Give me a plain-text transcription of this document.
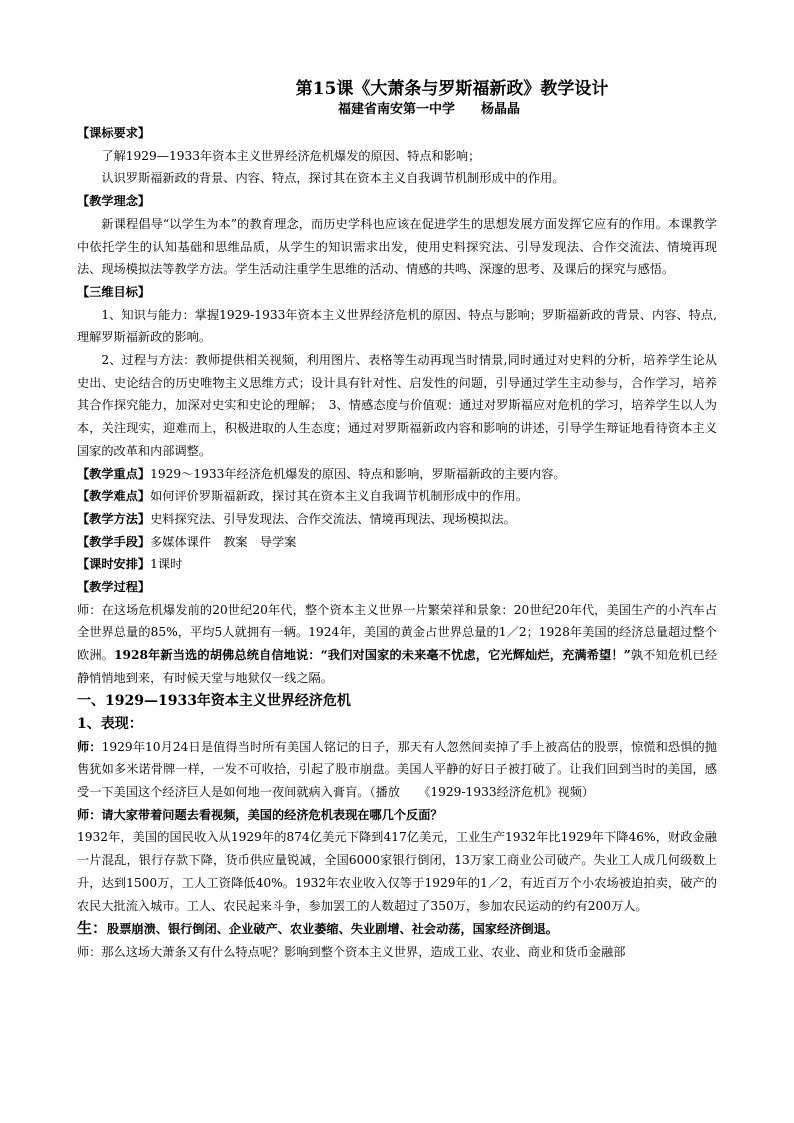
第15课《大萧条与罗斯福新政》教学设计
福建省南安第一中学　　杨晶晶

【课标要求】

了解1929—1933年资本主义世界经济危机爆发的原因、特点和影响；

认识罗斯福新政的背景、内容、特点，探讨其在资本主义自我调节机制形成中的作用。

【教学理念】

新课程倡导“以学生为本”的教育理念，而历史学科也应该在促进学生的思想发展方面发挥它应有的作用。本课教学中依托学生的认知基础和思维品质，从学生的知识需求出发，使用史料探究法、引导发现法、合作交流法、情境再现法、现场模拟法等教学方法。学生活动注重学生思维的活动、情感的共鸣、深邃的思考、及课后的探究与感悟。

【三维目标】

1、知识与能力：掌握1929-1933年资本主义世界经济危机的原因、特点与影响；罗斯福新政的背景、内容、特点,理解罗斯福新政的影响。

2、过程与方法：教师提供相关视频，利用图片、表格等生动再现当时情景,同时通过对史料的分析，培养学生论从史出、史论结合的历史唯物主义思维方式；设计具有针对性、启发性的问题，引导通过学生主动参与，合作学习，培养其合作探究能力，加深对史实和史论的理解；　3、情感态度与价值观：通过对罗斯福应对危机的学习，培养学生以人为本，关注现实，迎难而上，积极进取的人生态度；通过对罗斯福新政内容和影响的讲述，引导学生辩证地看待资本主义国家的改革和内部调整。

【教学重点】1929～1933年经济危机爆发的原因、特点和影响，罗斯福新政的主要内容。

【教学难点】如何评价罗斯福新政，探讨其在资本主义自我调节机制形成中的作用。

【教学方法】史料探究法、引导发现法、合作交流法、情境再现法、现场模拟法。

【教学手段】多媒体课件　教案　导学案

【课时安排】1课时

【教学过程】

师：在这场危机爆发前的20世纪20年代，整个资本主义世界一片繁荣祥和景象：20世纪20年代，美国生产的小汽车占全世界总量的85%，平均5人就拥有一辆。1924年，美国的黄金占世界总量的1／2；1928年美国的经济总量超过整个欧洲。1928年新当选的胡佛总统自信地说：“我们对国家的未来毫不忧虑，它光辉灿烂，充满希望！”孰不知危机已经静悄悄地到来，有时候天堂与地狱仅一线之隔。

一、1929—1933年资本主义世界经济危机

1、表现：

师：1929年10月24日是值得当时所有美国人铭记的日子，那天有人忽然间卖掉了手上被高估的股票，惊慌和恐惧的抛售犹如多米诺骨牌一样，一发不可收拾，引起了股市崩盘。美国人平静的好日子被打破了。让我们回到当时的美国，感受一下美国这个经济巨人是如何地一夜间就病入膏肓。（播放　　《1929-1933经济危机》视频）

师：请大家带着问题去看视频，美国的经济危机表现在哪几个反面？

1932年，美国的国民收入从1929年的874亿美元下降到417亿美元，工业生产1932年比1929年下降46%，财政金融一片混乱，银行存款下降，货币供应量锐减，全国6000家银行倒闭，13万家工商业公司破产。失业工人成几何级数上升，达到1500万，工人工资降低40%。1932年农业收入仅等于1929年的1／2，有近百万个小农场被迫拍卖，破产的农民大批流入城市。工人、农民起来斗争，参加罢工的人数超过了350万，参加农民运动的约有200万人。

生：股票崩溃、银行倒闭、企业破产、农业萎缩、失业剧增、社会动荡，国家经济倒退。

师：那么这场大萧条又有什么特点呢？影响到整个资本主义世界，造成工业、农业、商业和货币金融部
